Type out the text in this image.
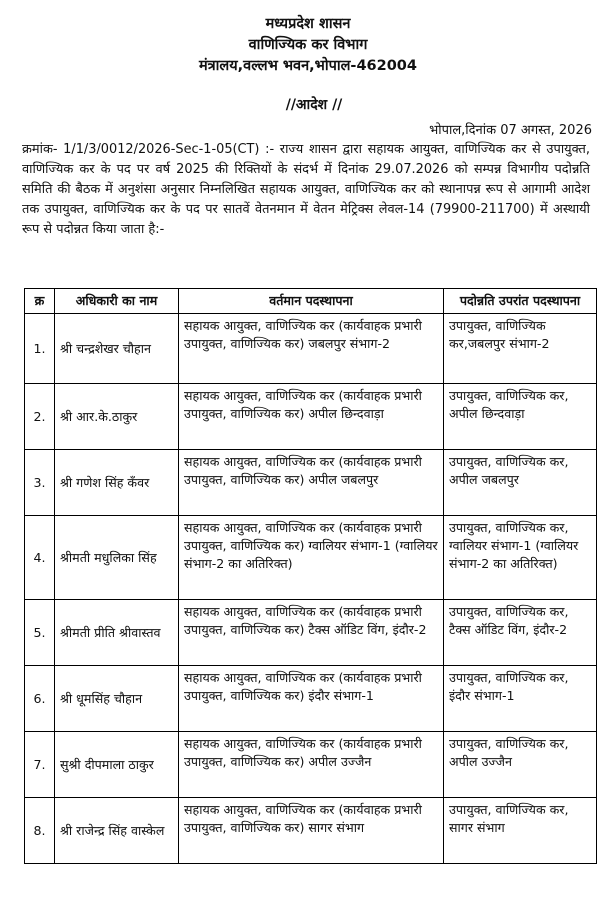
मध्यप्रदेश शासन
वाणिज्यिक कर विभाग
मंत्रालय,वल्लभ भवन,भोपाल-462004
//आदेश //
भोपाल,दिनांक 07 अगस्त, 2026
क्रमांक- 1/1/3/0012/2026-Sec-1-05(CT) :- राज्य शासन द्वारा सहायक आयुक्त, वाणिज्यिक कर से उपायुक्त, वाणिज्यिक कर के पद पर वर्ष 2025 की रिक्तियों के संदर्भ में दिनांक 29.07.2026 को सम्पन्न विभागीय पदोन्नति समिति की बैठक में अनुशंसा अनुसार निम्नलिखित सहायक आयुक्त, वाणिज्यिक कर को स्थानापन्न रूप से आगामी आदेश तक उपायुक्त, वाणिज्यिक कर के पद पर सातवें वेतनमान में वेतन मेट्रिक्स लेवल-14 (79900-211700) में अस्थायी रूप से पदोन्नत किया जाता है:-
क्र	अधिकारी का नाम	वर्तमान पदस्थापना	पदोन्नति उपरांत पदस्थापना
1.	श्री चन्द्रशेखर चौहान	सहायक आयुक्त, वाणिज्यिक कर (कार्यवाहक प्रभारी उपायुक्त, वाणिज्यिक कर) जबलपुर संभाग-2	उपायुक्त, वाणिज्यिक कर,जबलपुर संभाग-2
2.	श्री आर.के.ठाकुर	सहायक आयुक्त, वाणिज्यिक कर (कार्यवाहक प्रभारी उपायुक्त, वाणिज्यिक कर) अपील छिन्दवाड़ा	उपायुक्त, वाणिज्यिक कर, अपील छिन्दवाड़ा
3.	श्री गणेश सिंह कँवर	सहायक आयुक्त, वाणिज्यिक कर (कार्यवाहक प्रभारी उपायुक्त, वाणिज्यिक कर) अपील जबलपुर	उपायुक्त, वाणिज्यिक कर, अपील जबलपुर
4.	श्रीमती मधुलिका सिंह	सहायक आयुक्त, वाणिज्यिक कर (कार्यवाहक प्रभारी उपायुक्त, वाणिज्यिक कर) ग्वालियर संभाग-1 (ग्वालियर संभाग-2 का अतिरिक्त)	उपायुक्त, वाणिज्यिक कर, ग्वालियर संभाग-1 (ग्वालियर संभाग-2 का अतिरिक्त)
5.	श्रीमती प्रीति श्रीवास्तव	सहायक आयुक्त, वाणिज्यिक कर (कार्यवाहक प्रभारी उपायुक्त, वाणिज्यिक कर) टैक्स ऑडिट विंग, इंदौर-2	उपायुक्त, वाणिज्यिक कर, टैक्स ऑडिट विंग, इंदौर-2
6.	श्री धूमसिंह चौहान	सहायक आयुक्त, वाणिज्यिक कर (कार्यवाहक प्रभारी उपायुक्त, वाणिज्यिक कर) इंदौर संभाग-1	उपायुक्त, वाणिज्यिक कर, इंदौर संभाग-1
7.	सुश्री दीपमाला ठाकुर	सहायक आयुक्त, वाणिज्यिक कर (कार्यवाहक प्रभारी उपायुक्त, वाणिज्यिक कर) अपील उज्जैन	उपायुक्त, वाणिज्यिक कर, अपील उज्जैन
8.	श्री राजेन्द्र सिंह वास्केल	सहायक आयुक्त, वाणिज्यिक कर (कार्यवाहक प्रभारी उपायुक्त, वाणिज्यिक कर) सागर संभाग	उपायुक्त, वाणिज्यिक कर, सागर संभाग
